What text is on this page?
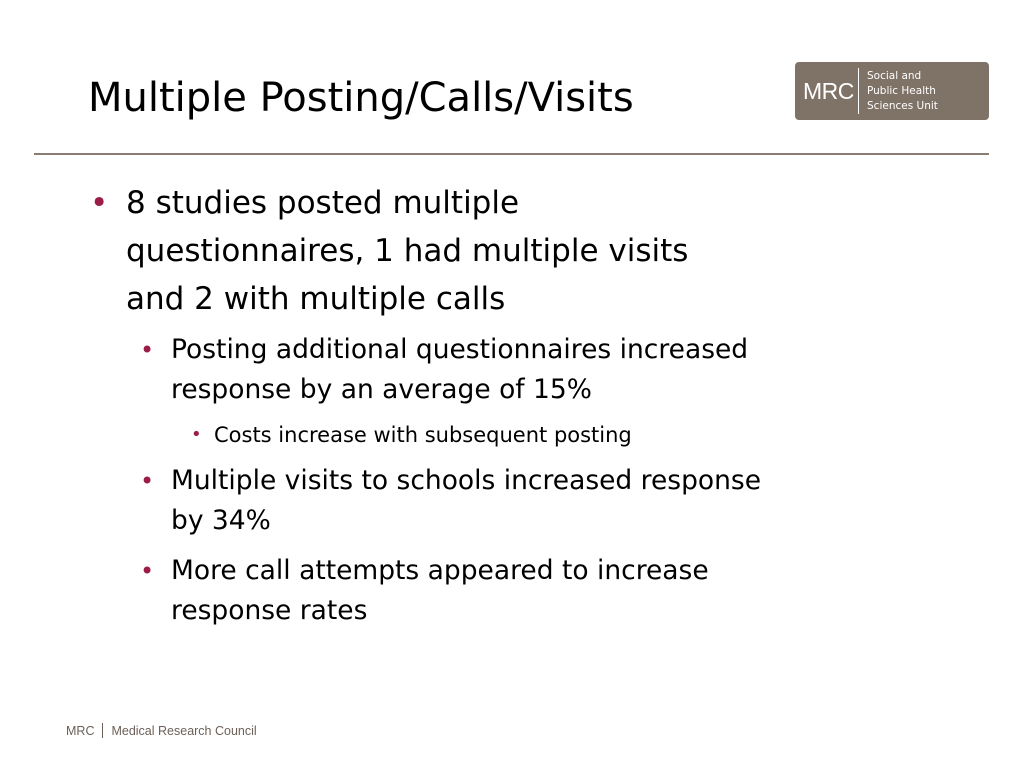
Multiple Posting/Calls/Visits	MRC
Social and
Public Health
Sciences Unit
• 8 studies posted multiple
questionnaires, 1 had multiple visits
and 2 with multiple calls
• Posting additional questionnaires increased
response by an average of 15%
• Costs increase with subsequent posting
• Multiple visits to schools increased response
by 34%
• More call attempts appeared to increase
response rates
MRC Medical Research Council
